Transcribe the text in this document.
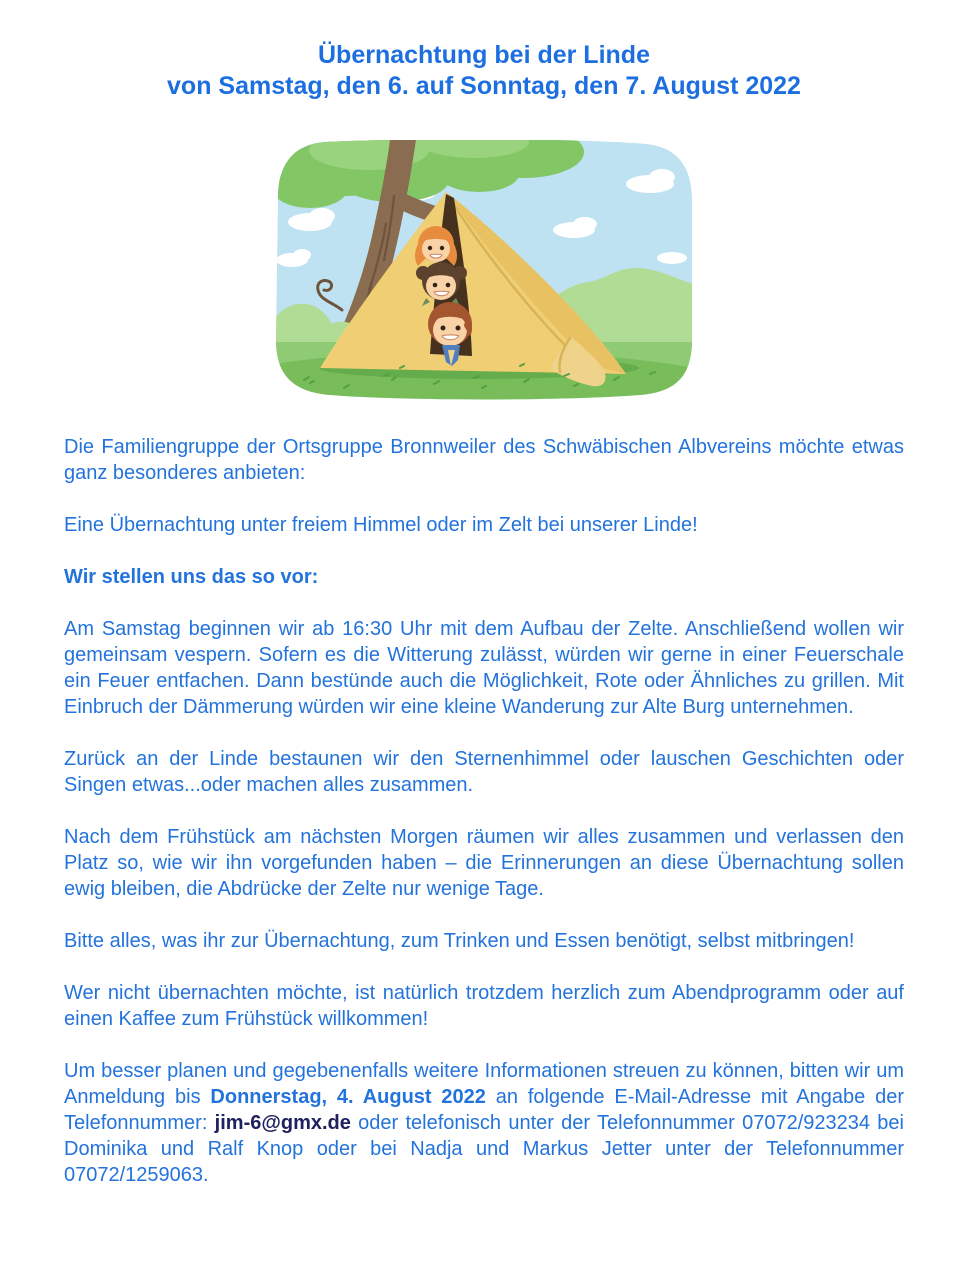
Übernachtung bei der Linde
von Samstag, den 6. auf Sonntag, den 7. August 2022

Die Familiengruppe der Ortsgruppe Bronnweiler des Schwäbischen Albvereins möchte etwas ganz besonderes anbieten:

Eine Übernachtung unter freiem Himmel oder im Zelt bei unserer Linde!

Wir stellen uns das so vor:

Am Samstag beginnen wir ab 16:30 Uhr mit dem Aufbau der Zelte. Anschließend wollen wir gemeinsam vespern. Sofern es die Witterung zulässt, würden wir gerne in einer Feuerschale ein Feuer entfachen. Dann bestünde auch die Möglichkeit, Rote oder Ähnliches zu grillen. Mit Einbruch der Dämmerung würden wir eine kleine Wanderung zur Alte Burg unternehmen.

Zurück an der Linde bestaunen wir den Sternenhimmel oder lauschen Geschichten oder Singen etwas...oder machen alles zusammen.

Nach dem Frühstück am nächsten Morgen räumen wir alles zusammen und verlassen den Platz so, wie wir ihn vorgefunden haben – die Erinnerungen an diese Übernachtung sollen ewig bleiben, die Abdrücke der Zelte nur wenige Tage.

Bitte alles, was ihr zur Übernachtung, zum Trinken und Essen benötigt, selbst mitbringen!

Wer nicht übernachten möchte, ist natürlich trotzdem herzlich zum Abendprogramm oder auf einen Kaffee zum Frühstück willkommen!

Um besser planen und gegebenenfalls weitere Informationen streuen zu können, bitten wir um Anmeldung bis Donnerstag, 4. August 2022 an folgende E-Mail-Adresse mit Angabe der Telefonnummer: jim-6@gmx.de oder telefonisch unter der Telefonnummer 07072/923234 bei Dominika und Ralf Knop oder bei Nadja und Markus Jetter unter der Telefonnummer 07072/1259063.
